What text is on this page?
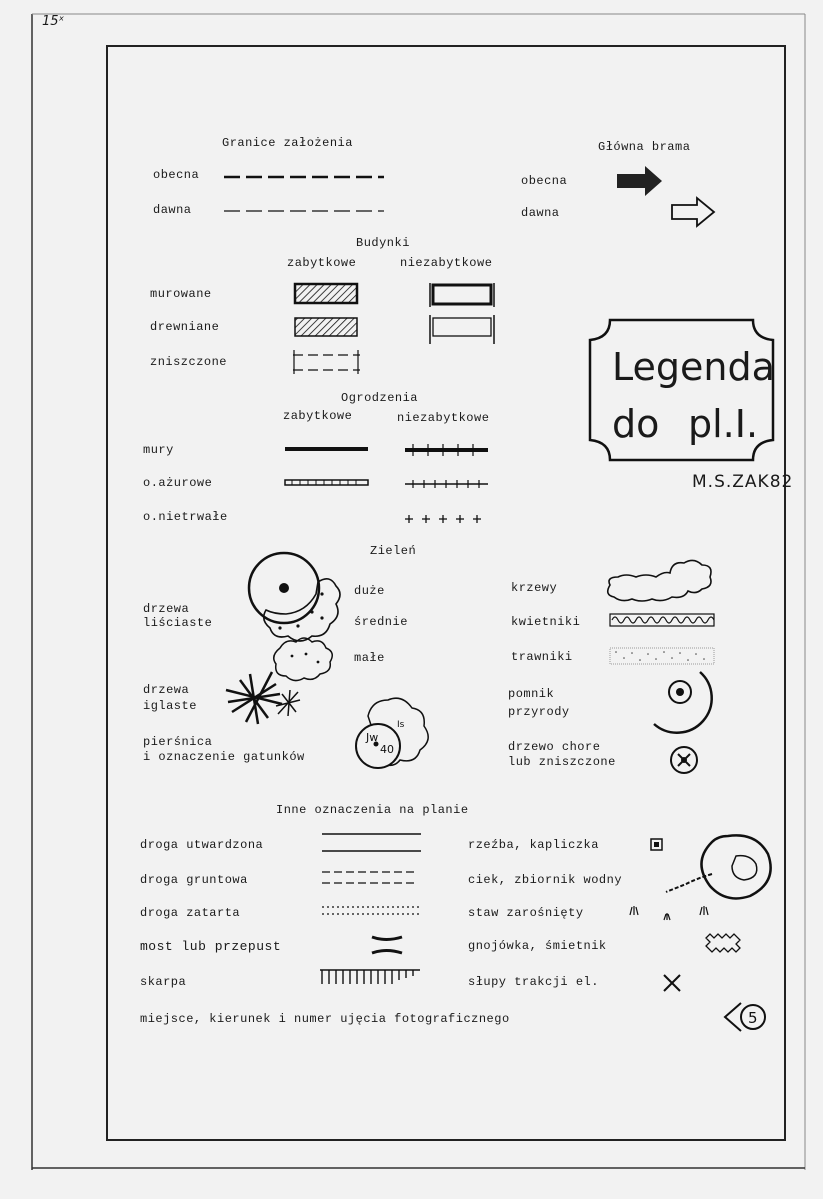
15ˣ
Granice założenia
obecna
dawna
Główna brama
obecna
dawna
Budynki
zabytkowe	niezabytkowe
murowane
drewniane
zniszczone	Legenda
do pl.I.
M.S.ZAK82
Ogrodzenia
zabytkowe	niezabytkowe
mury
o.ażurowe
o.nietrwałe
Zieleń
drzewa
liściaste
duże
średnie
małe
drzewa
iglaste
pierśnica
i oznaczenie gatunków
krzewy
kwietniki
trawniki
pomnik
przyrody
drzewo chore
lub zniszczone
Jw
40
Is
Inne oznaczenia na planie
droga utwardzona
droga gruntowa
droga zatarta
most lub przepust
skarpa
rzeźba, kapliczka
ciek, zbiornik wodny
staw zarośnięty
gnojówka, śmietnik
słupy trakcji el.
miejsce, kierunek i numer ujęcia fotograficznego	5
